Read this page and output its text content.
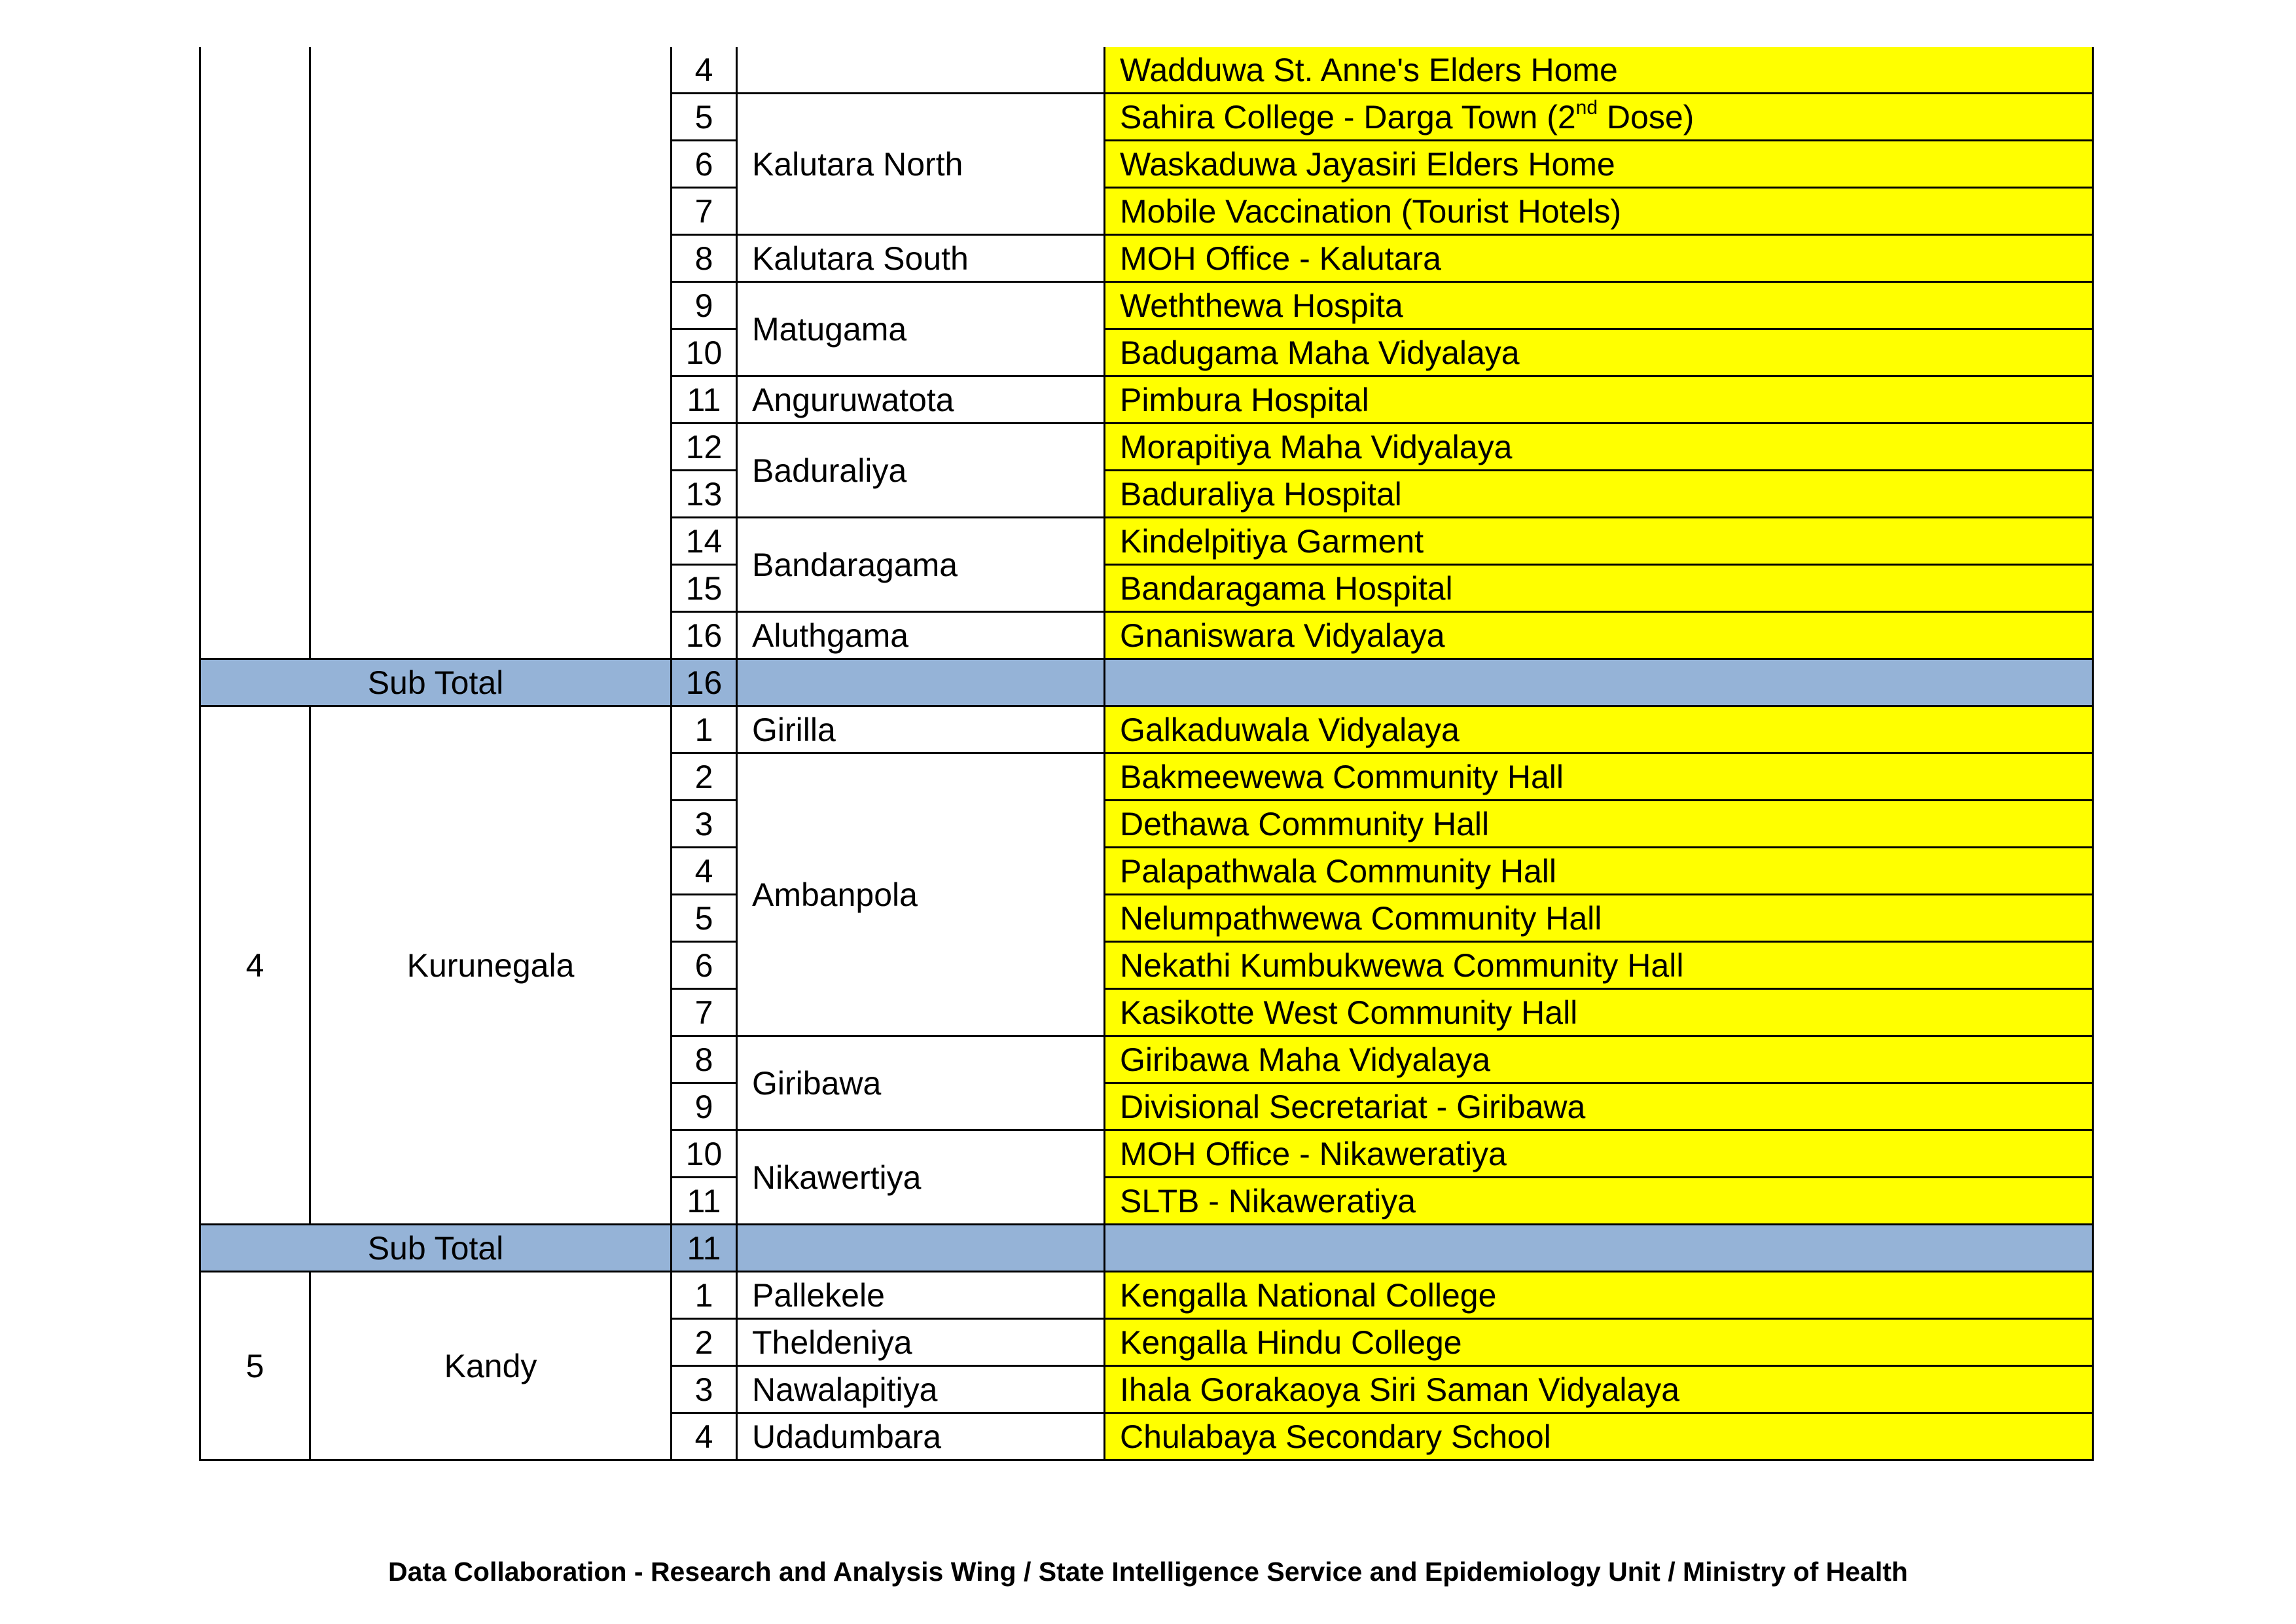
		4		Wadduwa St. Anne's Elders Home
		5	Kalutara North	Sahira College - Darga Town (2nd Dose)
		6		Waskaduwa Jayasiri Elders Home
		7		Mobile Vaccination (Tourist Hotels)
		8	Kalutara South	MOH Office - Kalutara
		9	Matugama	Weththewa Hospita
		10		Badugama Maha Vidyalaya
		11	Anguruwatota	Pimbura Hospital
		12	Baduraliya	Morapitiya Maha Vidyalaya
		13		Baduraliya Hospital
		14	Bandaragama	Kindelpitiya Garment
		15		Bandaragama Hospital
		16	Aluthgama	Gnaniswara Vidyalaya
Sub Total		16		
4	Kurunegala	1	Girilla	Galkaduwala Vidyalaya
		2	Ambanpola	Bakmeewewa Community Hall
		3		Dethawa Community Hall
		4		Palapathwala Community Hall
		5		Nelumpathwewa Community Hall
		6		Nekathi Kumbukwewa Community Hall
		7		Kasikotte West Community Hall
		8	Giribawa	Giribawa Maha Vidyalaya
		9		Divisional Secretariat - Giribawa
		10	Nikawertiya	MOH Office - Nikaweratiya
		11		SLTB - Nikaweratiya
Sub Total		11		
5	Kandy	1	Pallekele	Kengalla National College
		2	Theldeniya	Kengalla Hindu College
		3	Nawalapitiya	Ihala Gorakaoya Siri Saman Vidyalaya
		4	Udadumbara	Chulabaya Secondary School
Data Collaboration - Research and Analysis Wing / State Intelligence Service and Epidemiology Unit / Ministry of Health
